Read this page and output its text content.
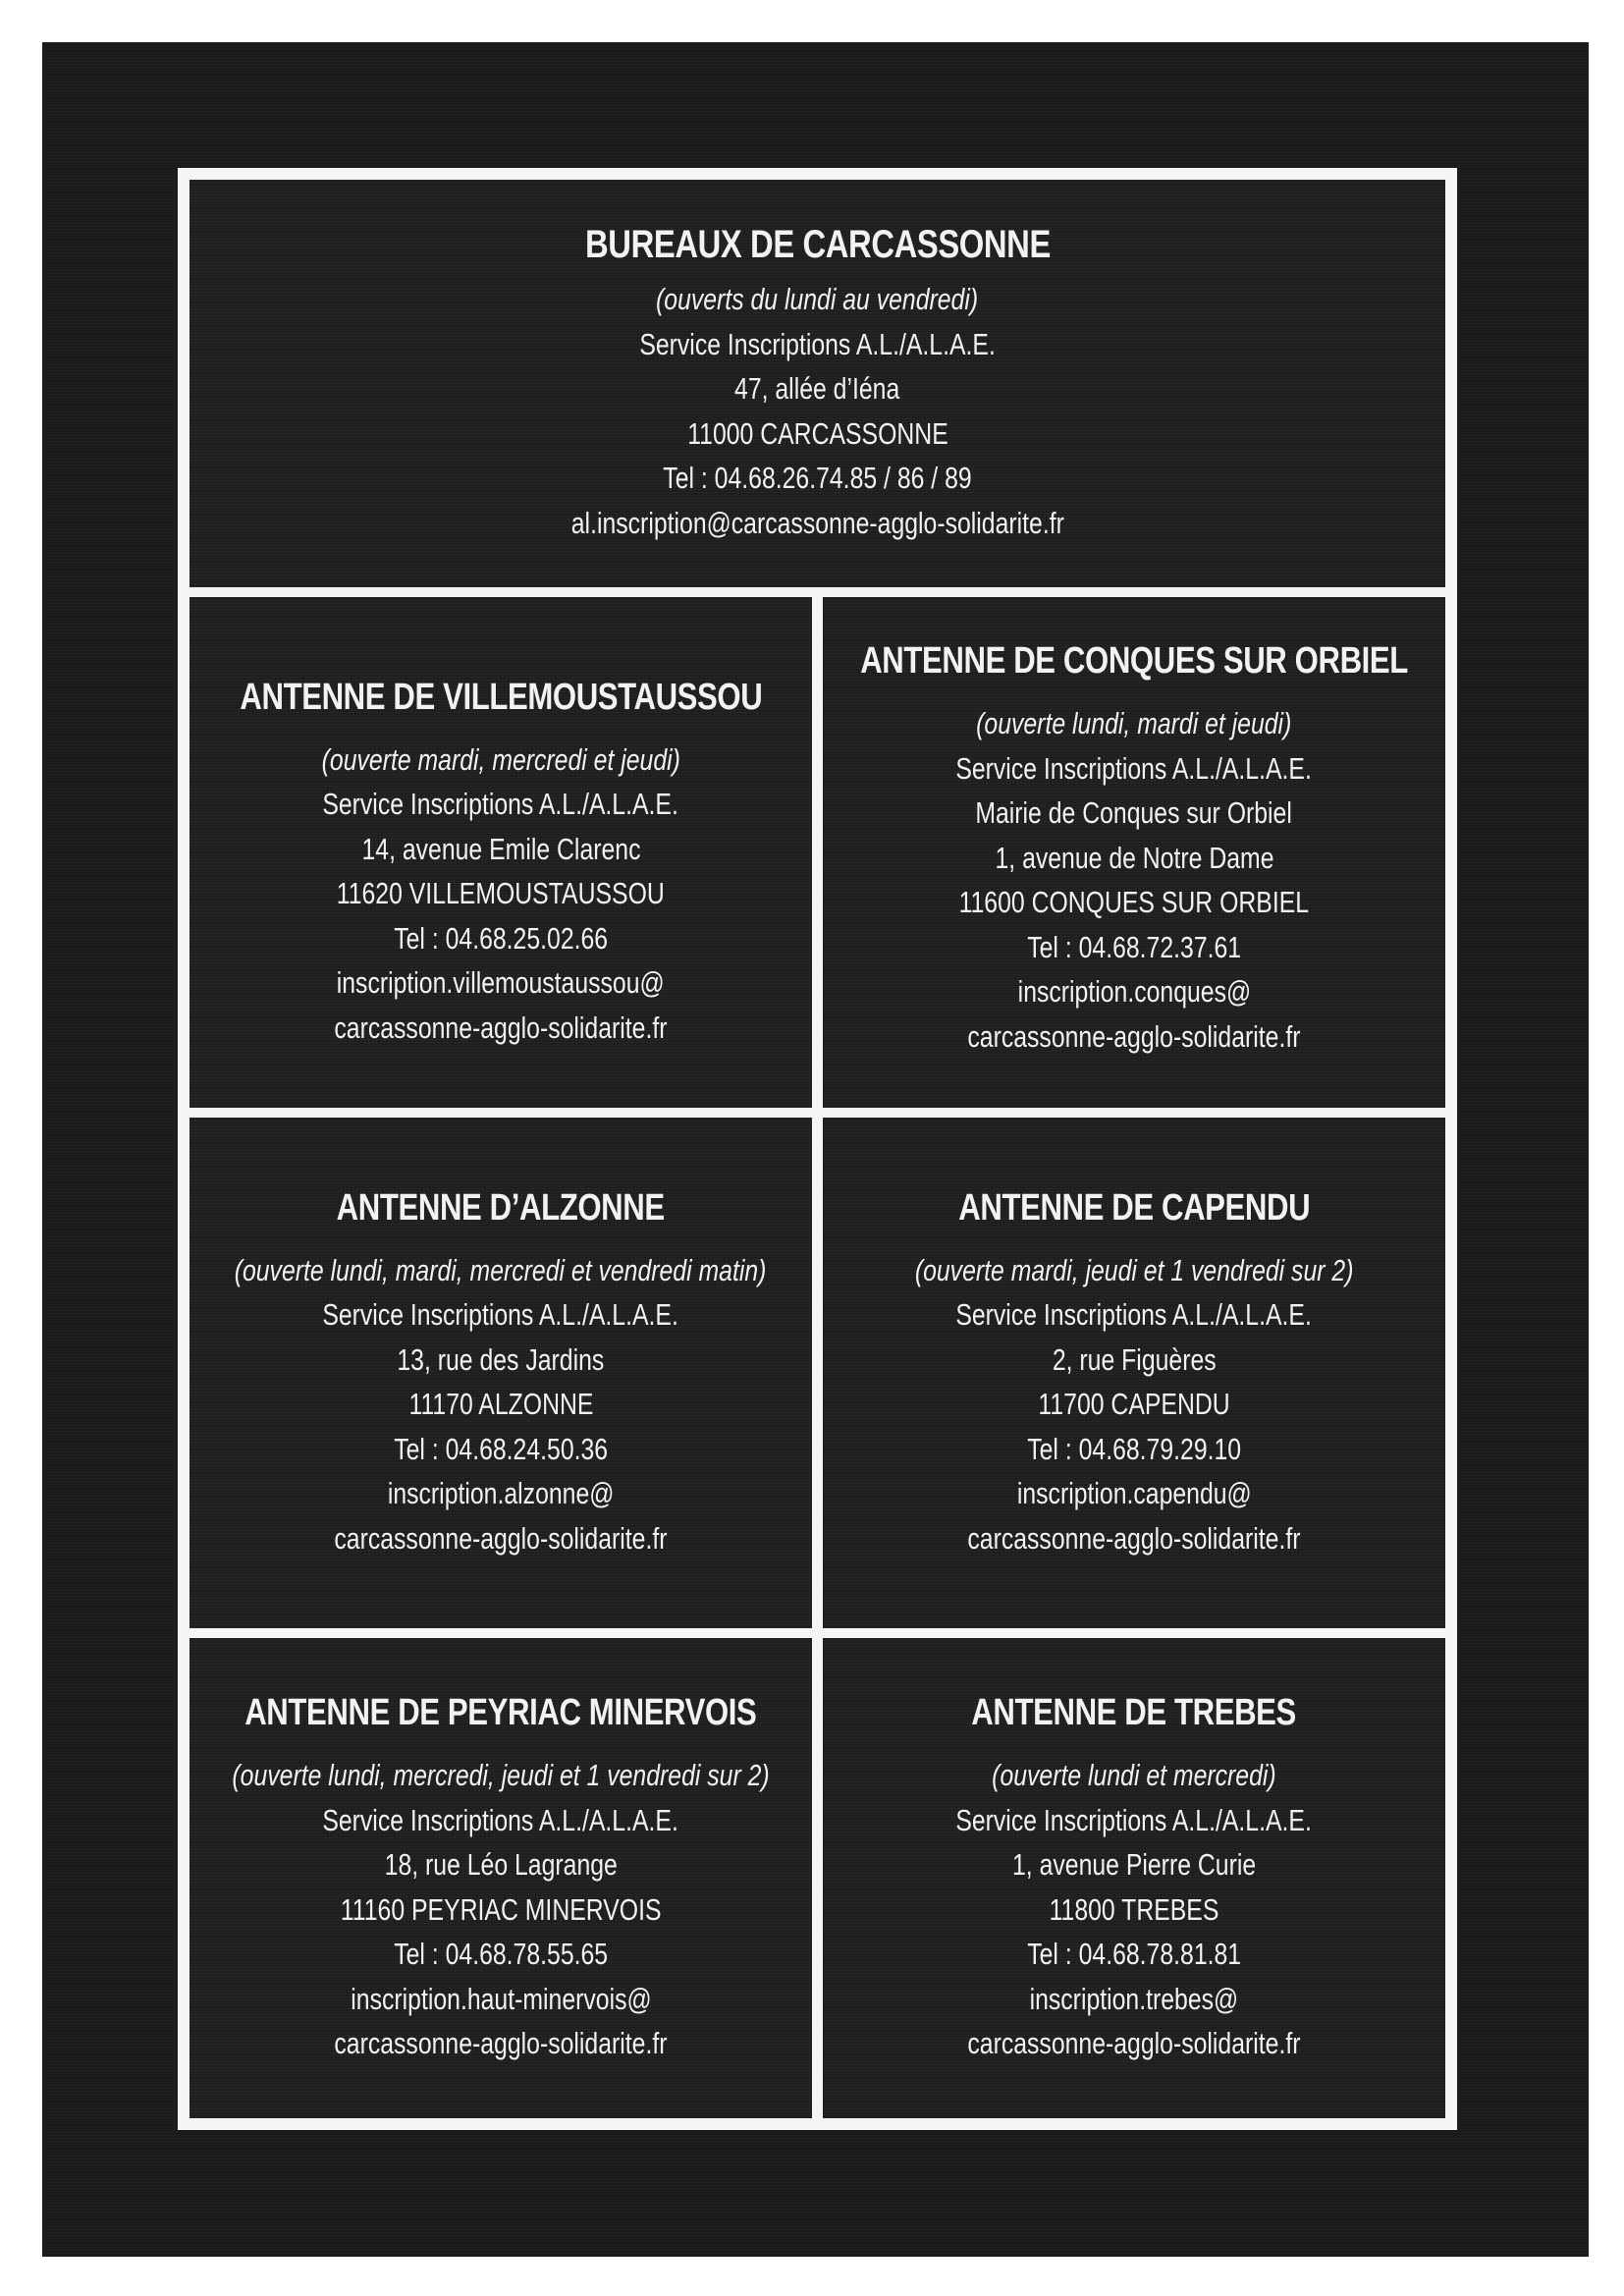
BUREAUX DE CARCASSONNE
(ouverts du lundi au vendredi)
Service Inscriptions A.L./A.L.A.E.
47, allée d’Iéna
11000 CARCASSONNE
Tel : 04.68.26.74.85 / 86 / 89
al.inscription@carcassonne-agglo-solidarite.fr
ANTENNE DE VILLEMOUSTAUSSOU
(ouverte mardi, mercredi et jeudi)
Service Inscriptions A.L./A.L.A.E.
14, avenue Emile Clarenc
11620 VILLEMOUSTAUSSOU
Tel : 04.68.25.02.66
inscription.villemoustaussou@
carcassonne-agglo-solidarite.fr
ANTENNE DE CONQUES SUR ORBIEL
(ouverte lundi, mardi et jeudi)
Service Inscriptions A.L./A.L.A.E.
Mairie de Conques sur Orbiel
1, avenue de Notre Dame
11600 CONQUES SUR ORBIEL
Tel : 04.68.72.37.61
inscription.conques@
carcassonne-agglo-solidarite.fr
ANTENNE D’ALZONNE
(ouverte lundi, mardi, mercredi et vendredi matin)
Service Inscriptions A.L./A.L.A.E.
13, rue des Jardins
11170 ALZONNE
Tel : 04.68.24.50.36
inscription.alzonne@
carcassonne-agglo-solidarite.fr
ANTENNE DE CAPENDU
(ouverte mardi, jeudi et 1 vendredi sur 2)
Service Inscriptions A.L./A.L.A.E.
2, rue Figuères
11700 CAPENDU
Tel : 04.68.79.29.10
inscription.capendu@
carcassonne-agglo-solidarite.fr
ANTENNE DE PEYRIAC MINERVOIS
(ouverte lundi, mercredi, jeudi et 1 vendredi sur 2)
Service Inscriptions A.L./A.L.A.E.
18, rue Léo Lagrange
11160 PEYRIAC MINERVOIS
Tel : 04.68.78.55.65
inscription.haut-minervois@
carcassonne-agglo-solidarite.fr
ANTENNE DE TREBES
(ouverte lundi et mercredi)
Service Inscriptions A.L./A.L.A.E.
1, avenue Pierre Curie
11800 TREBES
Tel : 04.68.78.81.81
inscription.trebes@
carcassonne-agglo-solidarite.fr
